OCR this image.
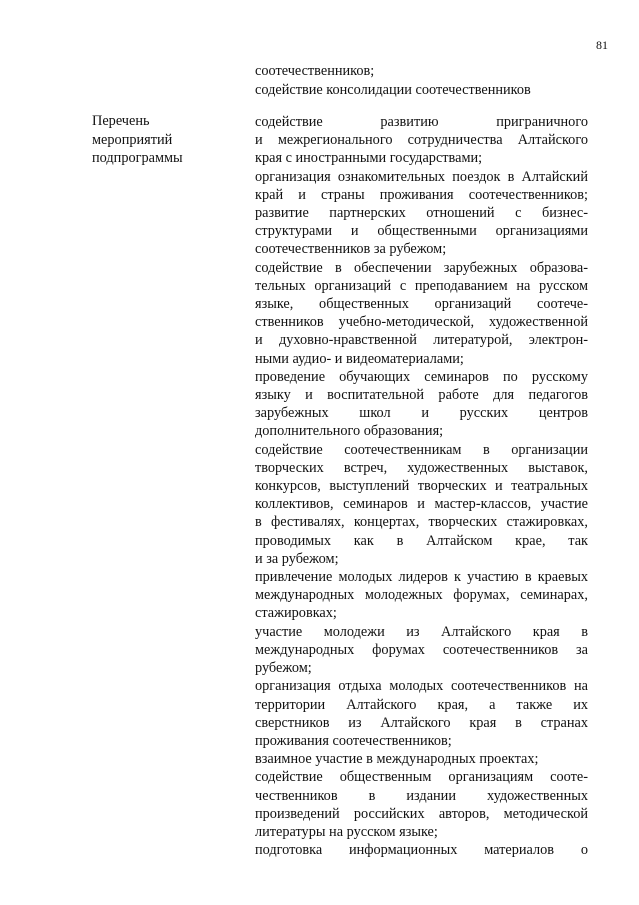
81
соотечественников;
содействие консолидации соотечественников
Перечень
мероприятий
подпрограммы
содействие развитию приграничного
и межрегионального сотрудничества Алтайского
края с иностранными государствами;
организация ознакомительных поездок в Алтайский
край и страны проживания соотечественников;
развитие партнерских отношений с бизнес-
структурами и общественными организациями
соотечественников за рубежом;
содействие в обеспечении зарубежных образова-
тельных организаций с преподаванием на русском
языке, общественных организаций соотече-
ственников учебно-методической, художественной
и духовно-нравственной литературой, электрон-
ными аудио- и видеоматериалами;
проведение обучающих семинаров по русскому
языку и воспитательной работе для педагогов
зарубежных школ и русских центров
дополнительного образования;
содействие соотечественникам в организации
творческих встреч, художественных выставок,
конкурсов, выступлений творческих и театральных
коллективов, семинаров и мастер-классов, участие
в фестивалях, концертах, творческих стажировках,
проводимых как в Алтайском крае, так
и за рубежом;
привлечение молодых лидеров к участию в краевых
международных молодежных форумах, семинарах,
стажировках;
участие молодежи из Алтайского края в
международных форумах соотечественников за
рубежом;
организация отдыха молодых соотечественников на
территории Алтайского края, а также их
сверстников из Алтайского края в странах
проживания соотечественников;
взаимное участие в международных проектах;
содействие общественным организациям сооте-
чественников в издании художественных
произведений российских авторов, методической
литературы на русском языке;
подготовка информационных материалов о
